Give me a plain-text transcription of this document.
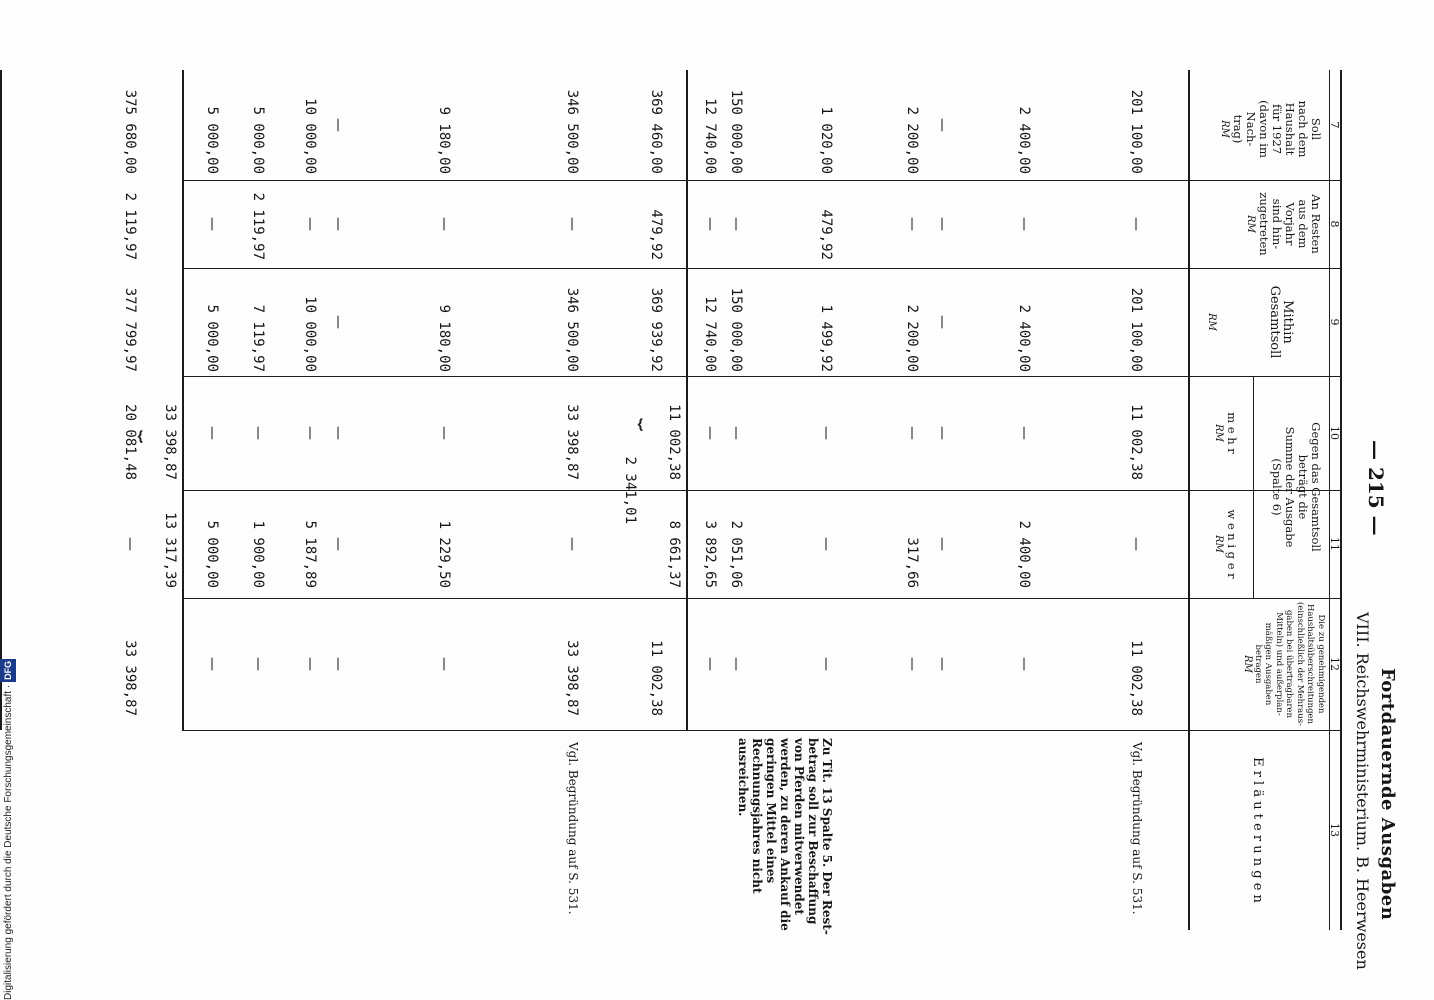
— 215 —
Fortdauernde Ausgaben
VIII. Reichswehrministerium. B. Heerwesen
7
8
9
10
11
12
13
Soll
nach dem
Haushalt
für 1927
(davon im Nach-
trag)
RM
An Resten
aus dem
Vorjahr
sind hin-
zugetreten
RM
Mithin
Gesamtsoll
RM
Gegen das Gesamtsoll
beträgt die
Summe der Ausgabe
(Spalte 6)
m e h r
RM
w e n i g e r
RM
Die zu genehmigenden
Haushaltsüberschreitungen
(einschließlich der Mehraus-
gaben bei übertragbaren
Mitteln) und außerplan-
mäßigen Ausgaben
betragen
RM
E r l ä u t e r u n g e n
201 100,00
—
201 100,00
11 002,38
—
11 002,38
Vgl. Begründung auf S. 531.
2 400,00
—
2 400,00
—
2 400,00
—
—
—
—
—
—
—
2 200,00
—
2 200,00
—
317,66
—
1 020,00
479,92
1 499,92
—
—
—
Zu Tit. 13 Spalte 5. Der Rest-betrag soll zur Beschaffung von Pferden mitverwendet werden, zu deren Ankauf die geringen Mittel eines Rechnungsjahres nicht ausreichen.
150 000,00
—
150 000,00
—
2 051,06
—
12 740,00
—
12 740,00
—
3 892,65
—
369 460,00
479,92
369 939,92
11 002,38
8 661,37
11 002,38
⏟
2 341,01
346 500,00
—
346 500,00
33 398,87
—
33 398,87
Vgl. Begründung auf S. 531.
9 180,00
—
9 180,00
—
1 229,50
—
—
—
—
—
—
—
10 000,00
—
10 000,00
—
5 187,89
—
5 000,00
2 119,97
7 119,97
—
1 900,00
—
5 000,00
—
5 000,00
—
5 000,00
—
33 398,87
13 317,39
⏟
375 680,00
2 119,97
377 799,97
20 081,48
—
33 398,87
Digitalisierung gefördert durch die Deutsche Forschungsgemeinschaft ·DFG
